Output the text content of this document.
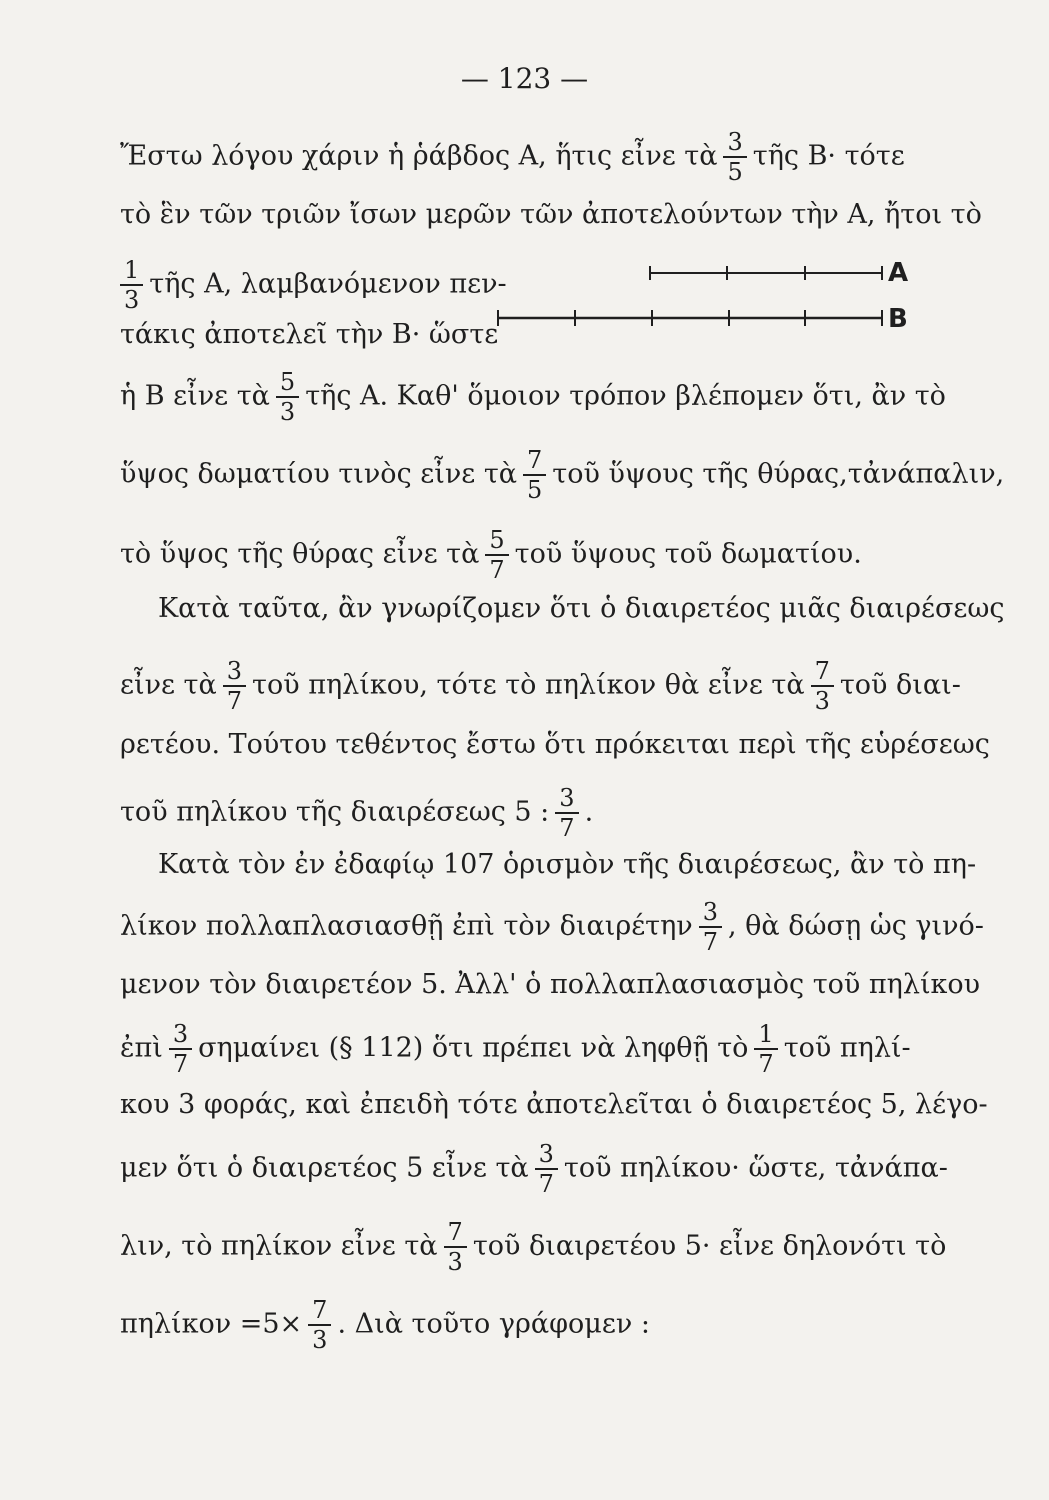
— 123 —
Ἔστω λόγου χάριν ἡ ῥάβδος Α, ἥτις εἶνε τὰ $\frac{3}{5}$ τῆς Β· τότε
τὸ ἓν τῶν τριῶν ἴσων μερῶν τῶν ἀποτελούντων τὴν Α, ἤτοι τὸ
$\frac{1}{3}$ τῆς Α, λαμβανόμενον πεν-
τάκις ἀποτελεῖ τὴν Β· ὥστε
A
B
ἡ Β εἶνε τὰ $\frac{5}{3}$ τῆς Α. Καθ' ὅμοιον τρόπον βλέπομεν ὅτι, ἂν τὸ
ὕψος δωματίου τινὸς εἶνε τὰ $\frac{7}{5}$ τοῦ ὕψους τῆς θύρας,τἀνάπαλιν,
τὸ ὕψος τῆς θύρας εἶνε τὰ $\frac{5}{7}$ τοῦ ὕψους τοῦ δωματίου.
Κατὰ ταῦτα, ἂν γνωρίζομεν ὅτι ὁ διαιρετέος μιᾶς διαιρέσεως
εἶνε τὰ $\frac{3}{7}$ τοῦ πηλίκου, τότε τὸ πηλίκον θὰ εἶνε τὰ $\frac{7}{3}$ τοῦ διαι-
ρετέου. Τούτου τεθέντος ἔστω ὅτι πρόκειται περὶ τῆς εὑρέσεως
τοῦ πηλίκου τῆς διαιρέσεως 5 : $\frac{3}{7}$ .
Κατὰ τὸν ἐν ἐδαφίῳ 107 ὁρισμὸν τῆς διαιρέσεως, ἂν τὸ πη-
λίκον πολλαπλασιασθῇ ἐπὶ τὸν διαιρέτην $\frac{3}{7}$ , θὰ δώσῃ ὡς γινό-
μενον τὸν διαιρετέον 5. Ἀλλ' ὁ πολλαπλασιασμὸς τοῦ πηλίκου
ἐπὶ $\frac{3}{7}$ σημαίνει (§ 112) ὅτι πρέπει νὰ ληφθῇ τὸ $\frac{1}{7}$ τοῦ πηλί-
κου 3 φοράς, καὶ ἐπειδὴ τότε ἀποτελεῖται ὁ διαιρετέος 5, λέγο-
μεν ὅτι ὁ διαιρετέος 5 εἶνε τὰ $\frac{3}{7}$ τοῦ πηλίκου· ὥστε, τἀνάπα-
λιν, τὸ πηλίκον εἶνε τὰ $\frac{7}{3}$ τοῦ διαιρετέου 5· εἶνε δηλονότι τὸ
$\pi\eta\lambda ί\kappa o\nu =5\times \frac{7}{3}$ . Διὰ τοῦτο γράφομεν :
